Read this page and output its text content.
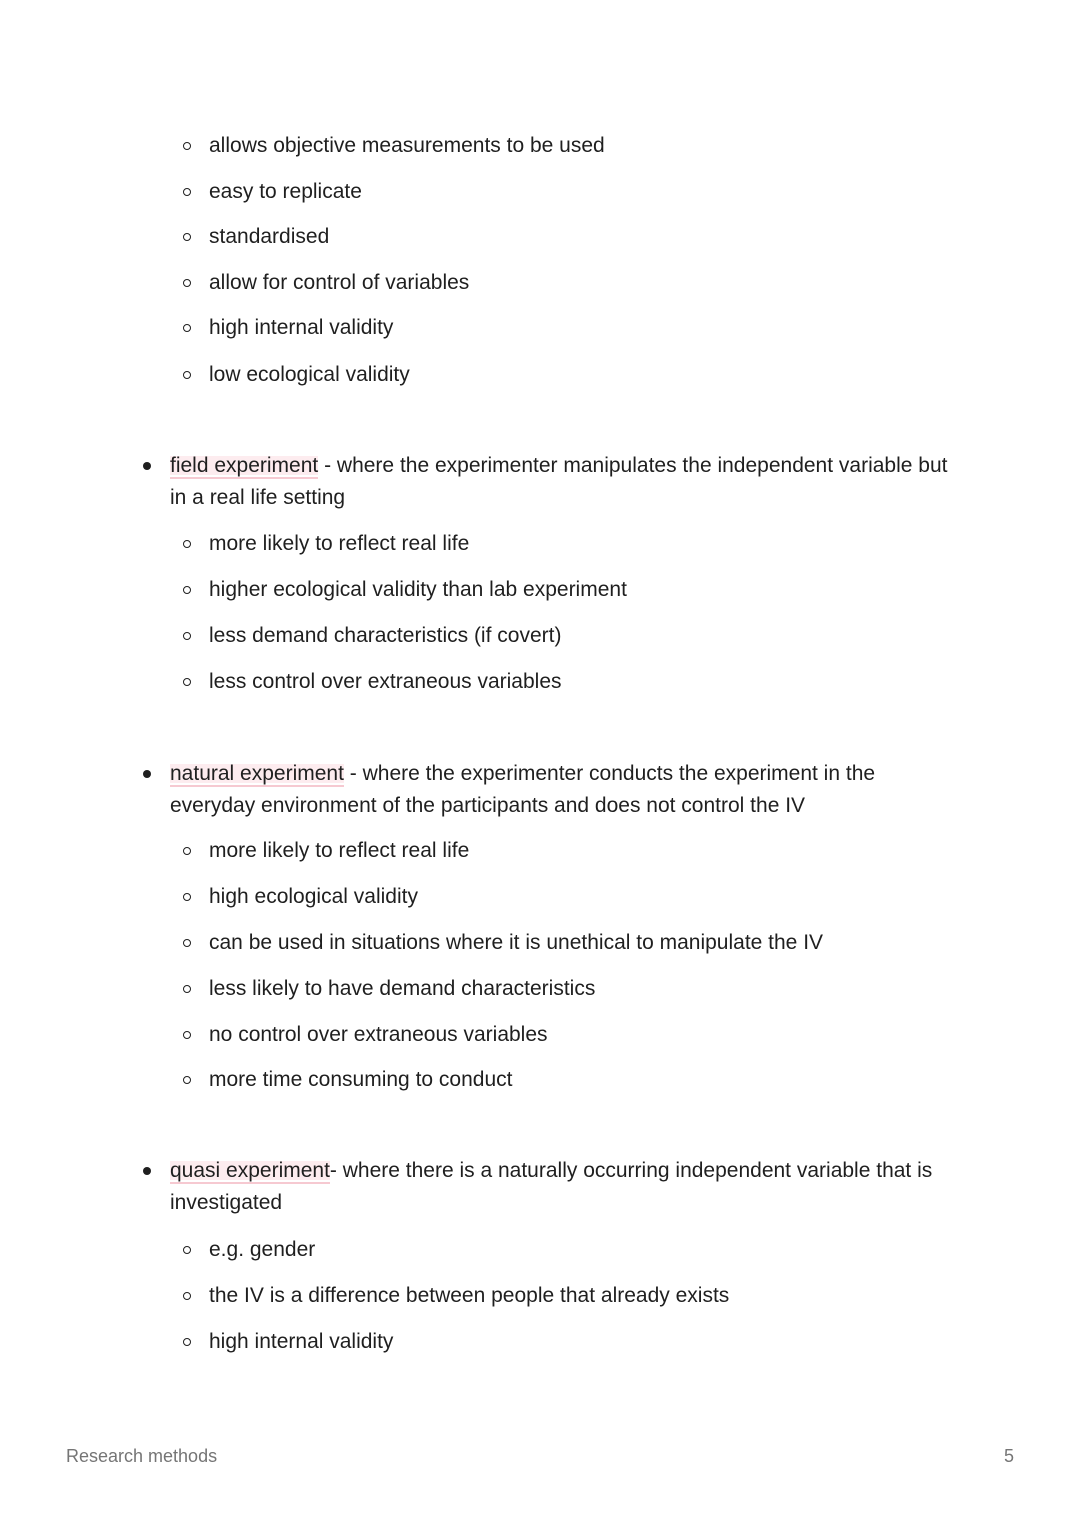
allows objective measurements to be used
easy to replicate
standardised
allow for control of variables
high internal validity
low ecological validity
field experiment - where the experimenter manipulates the independent variable but in a real life setting
more likely to reflect real life
higher ecological validity than lab experiment
less demand characteristics (if covert)
less control over extraneous variables
natural experiment - where the experimenter conducts the experiment in the everyday environment of the participants and does not control the IV
more likely to reflect real life
high ecological validity
can be used in situations where it is unethical to manipulate the IV
less likely to have demand characteristics
no control over extraneous variables
more time consuming to conduct
quasi experiment- where there is a naturally occurring independent variable that is investigated
e.g. gender
the IV is a difference between people that already exists
high internal validity
Research methods	5
